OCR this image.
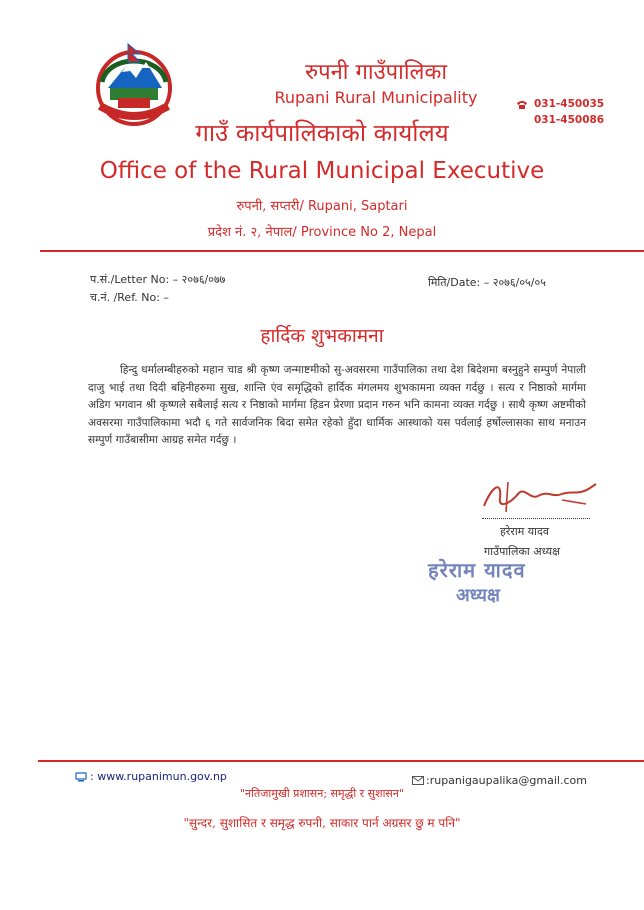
रुपनी गाउँपालिका
Rupani Rural Municipality	031-450035
031-450086
गाउँ कार्यपालिकाको कार्यालय
Office of the Rural Municipal Executive
रुपनी, सप्तरी/ Rupani, Saptari
प्रदेश नं. २, नेपाल/ Province No 2, Nepal
प.सं./Letter No: – २०७६/०७७
च.नं. /Ref. No: –
मिति/Date: – २०७६/०५/०५
हार्दिक शुभकामना

हिन्दु धर्मालम्बीहरुको महान चाड श्री कृष्ण जन्माष्टमीको सु-अवसरमा गाउँपालिका तथा देश बिदेशमा बस्नुहुने सम्पुर्ण नेपाली दाजु भाई तथा दिदी बहिनीहरुमा सुख, शान्ति एंव समृद्धिको हार्दिक मंगलमय शुभकामना व्यक्त गर्दछु । सत्य र निष्ठाको मार्गमा अडिग भगवान श्री कृष्णले सबैलाई सत्य र निष्ठाको मार्गमा हिडन प्रेरणा प्रदान गरुन भनि कामना व्यक्त गर्दछु । साथै कृष्ण अष्टमीको अवसरमा गाउँपालिकामा भदौ ६ गते सार्वजनिक बिदा समेत रहेको हुँदा धार्मिक आस्थाको यस पर्वलाई हर्षोल्लासका साथ मनाउन सम्पुर्ण गाउँबासीमा आग्रह समेत गर्दछु ।

हरेराम यादव
गाउँपालिका अध्यक्ष
हरेराम यादव
अध्यक्ष
: www.rupanimun.gov.np	:rupanigaupalika@gmail.com
"नतिजामुखी प्रशासन; समृद्धी र सुशासन"
"सुन्दर, सुशासित र समृद्ध रुपनी, साकार पार्न अग्रसर छु म पनि"
